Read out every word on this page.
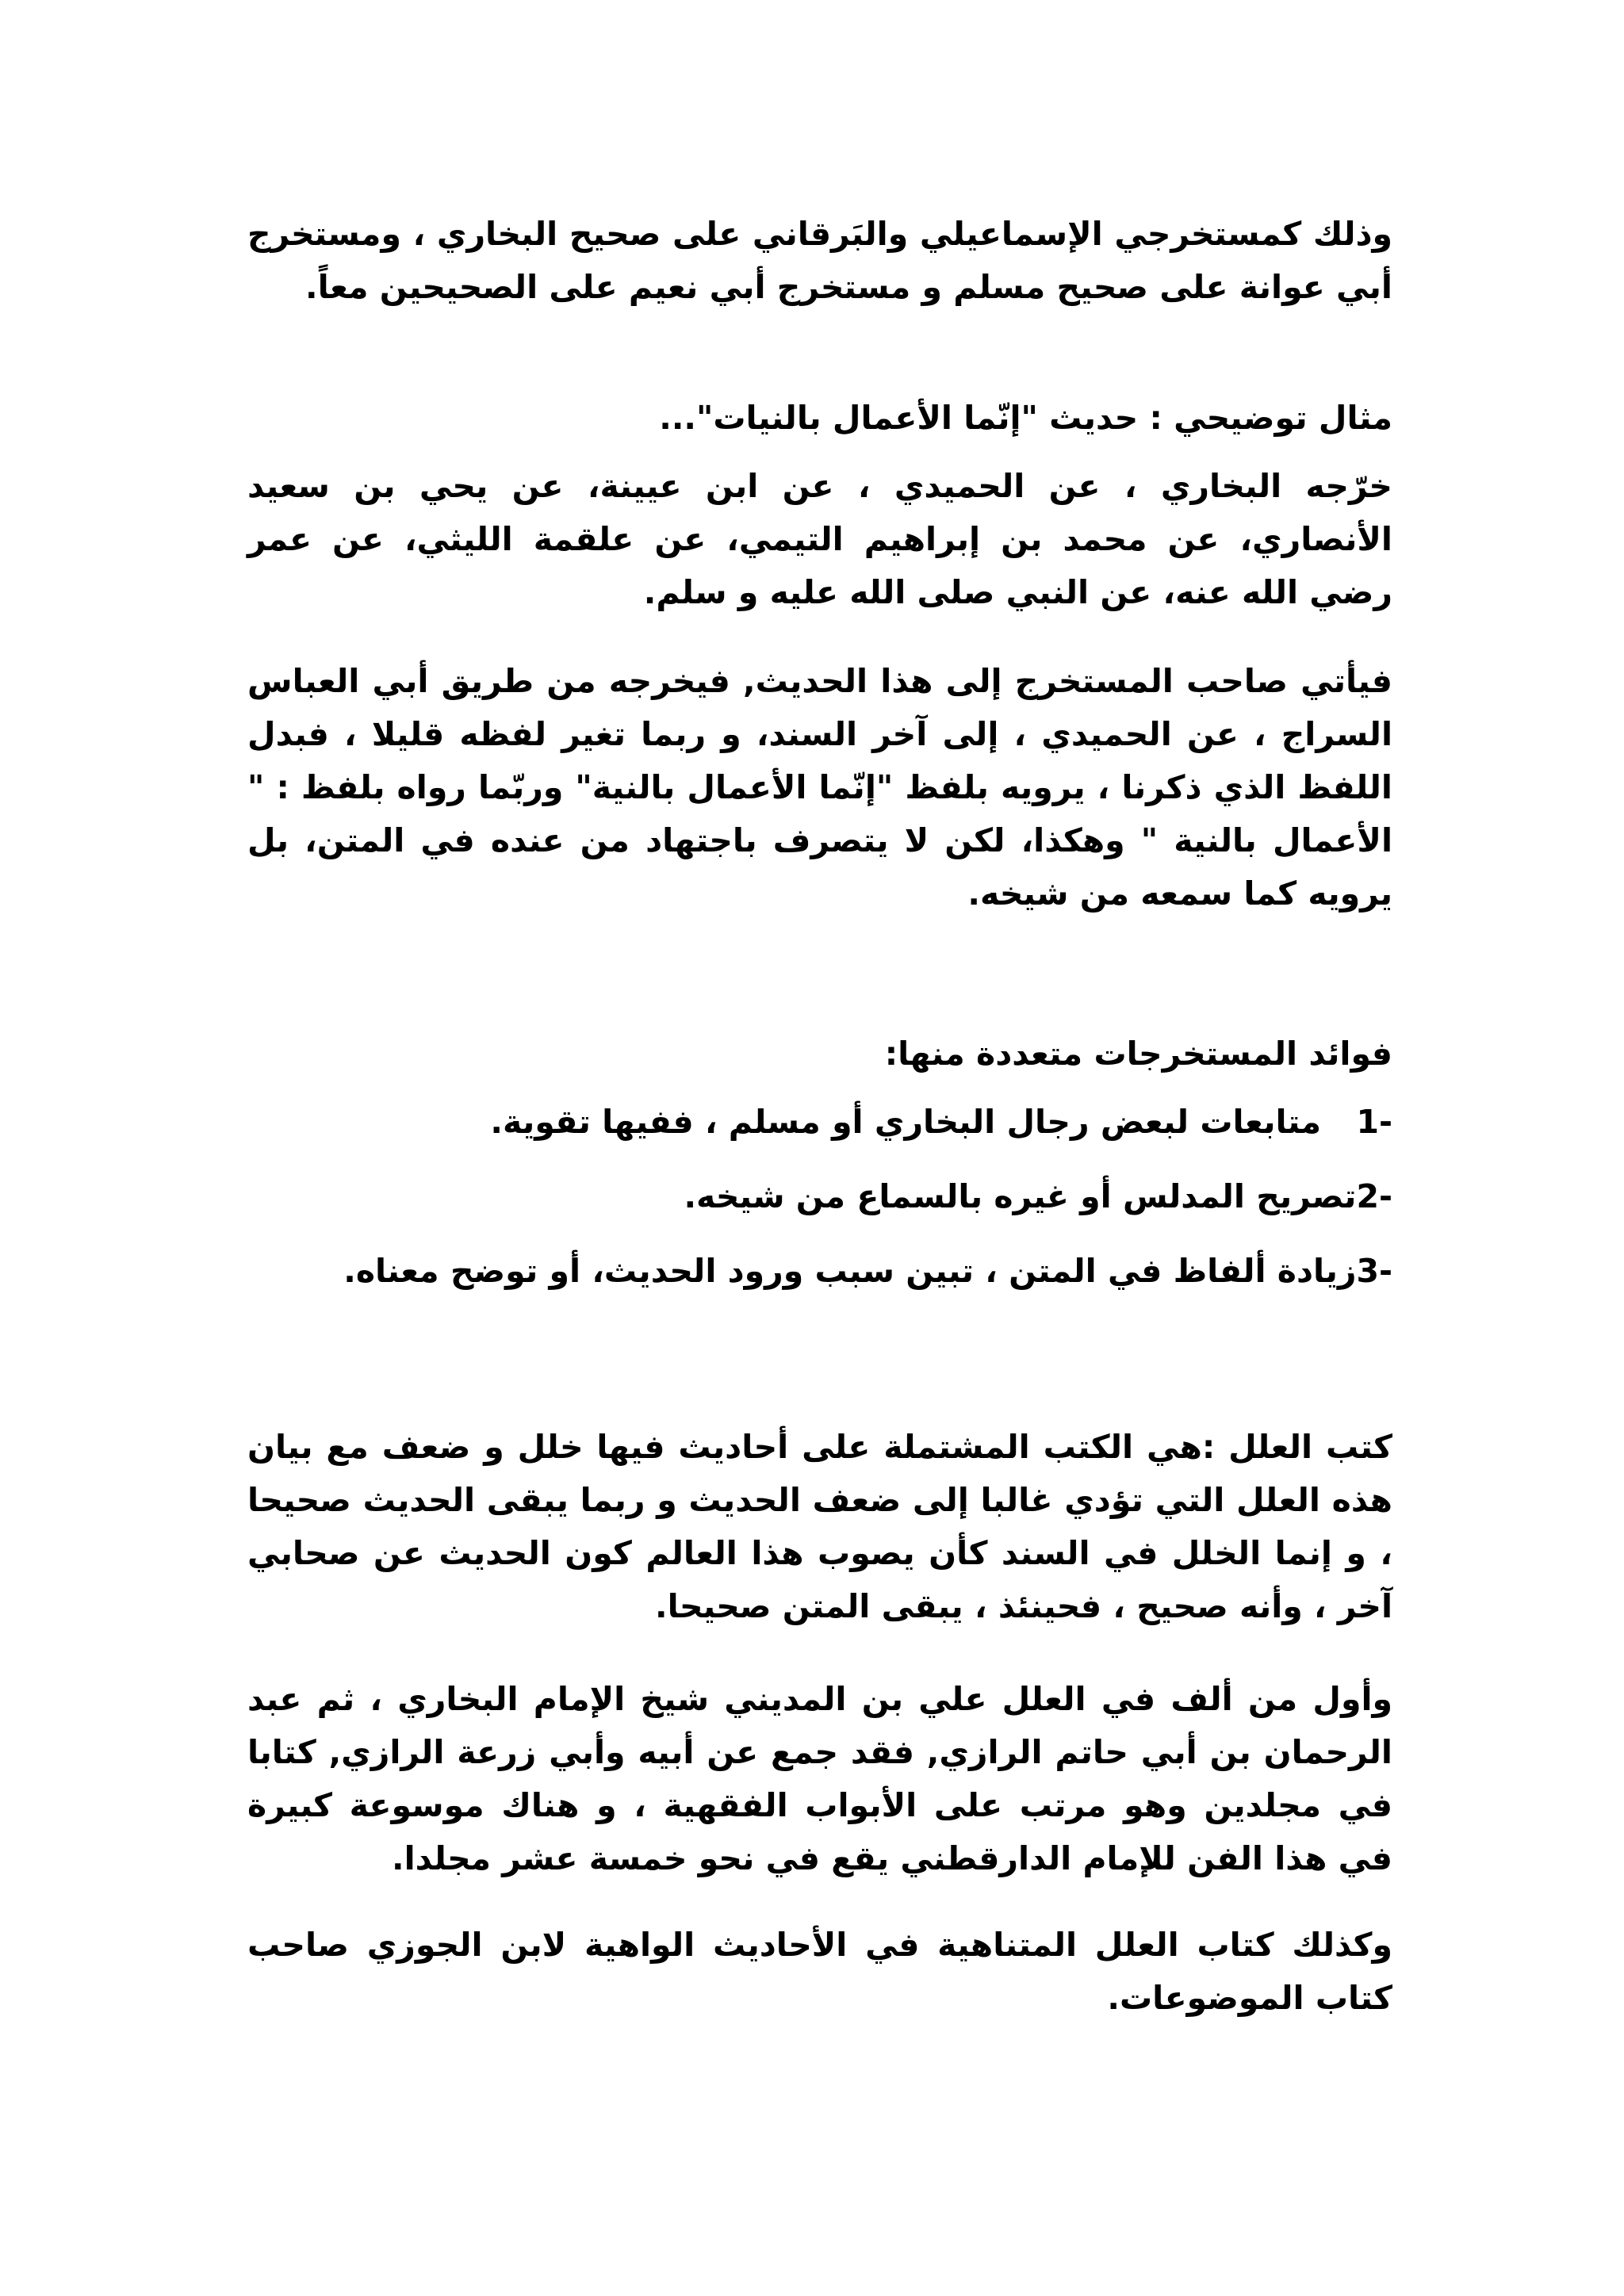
وذلك كمستخرجي الإسماعيلي والبَرقاني على صحيح البخاري ، ومستخرج أبي عوانة على صحيح مسلم و مستخرج أبي نعيم على الصحيحين معاً.

مثال توضيحي : حديث "إنّما الأعمال بالنيات"...

خرّجه البخاري ، عن الحميدي ، عن ابن عيينة، عن يحي بن سعيد الأنصاري، عن محمد بن إبراهيم التيمي، عن علقمة الليثي، عن عمر رضي الله عنه، عن النبي صلى الله عليه و سلم.

فيأتي صاحب المستخرج إلى هذا الحديث, فيخرجه من طريق أبي العباس السراج ، عن الحميدي ، إلى آخر السند، و ربما تغير لفظه قليلا ، فبدل اللفظ الذي ذكرنا ، يرويه بلفظ "إنّما الأعمال بالنية" وربّما رواه بلفظ : " الأعمال بالنية " وهكذا، لكن لا يتصرف باجتهاد من عنده في المتن، بل يرويه كما سمعه من شيخه.

فوائد المستخرجات متعددة منها:

-1متابعات لبعض رجال البخاري أو مسلم ، ففيها تقوية.
-2تصريح المدلس أو غيره بالسماع من شيخه.
-3زيادة ألفاظ في المتن ، تبين سبب ورود الحديث، أو توضح معناه.

كتب العلل :هي الكتب المشتملة على أحاديث فيها خلل و ضعف مع بيان هذه العلل التي تؤدي غالبا إلى ضعف الحديث و ربما يبقى الحديث صحيحا ، و إنما الخلل في السند كأن يصوب هذا العالم كون الحديث عن صحابي آخر ، وأنه صحيح ، فحينئذ ، يبقى المتن صحيحا.

وأول من ألف في العلل علي بن المديني شيخ الإمام البخاري ، ثم عبد الرحمان بن أبي حاتم الرازي, فقد جمع عن أبيه وأبي زرعة الرازي, كتابا في مجلدين وهو مرتب على الأبواب الفقهية ، و هناك موسوعة كبيرة في هذا الفن للإمام الدارقطني يقع في نحو خمسة عشر مجلدا.

وكذلك كتاب العلل المتناهية في الأحاديث الواهية لابن الجوزي صاحب كتاب الموضوعات.
